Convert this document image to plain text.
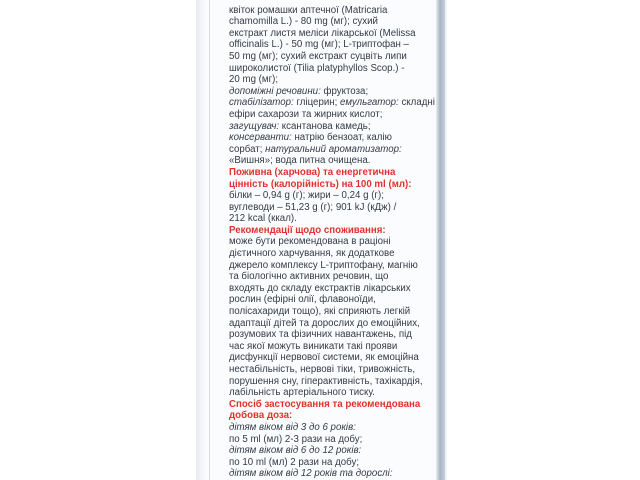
квіток ромашки аптечної (Matricaria

chamomilla L.) - 80 mg (мг); сухий

екстракт листя меліси лікарської (Melissa

officinalis L.) - 50 mg (мг); L-триптофан –

50 mg (мг); сухий екстракт суцвіть липи

широколистої (Tilia platyphyllos Scop.) -

20 mg (мг);

допоміжні речовини: фруктоза;

стабілізатор: гліцерин; емульгатор: складні

ефіри сахарози та жирних кислот;

загущувач: ксантанова камедь;

консерванти: натрію бензоат, калію

сорбат; натуральний ароматизатор:

«Вишня»; вода питна очищена.

Поживна (харчова) та енергетична

цінність (калорійність) на 100 ml (мл):

білки – 0,94 g (г); жири – 0,24 g (г);

вуглеводи – 51,23 g (г); 901 kJ (кДж) /

212 kcal (ккал).

Рекомендації щодо споживання:

може бути рекомендована в раціоні

дієтичного харчування, як додаткове

джерело комплексу L-триптофану, магнію

та біологічно активних речовин, що

входять до складу екстрактів лікарських

рослин (ефірні олії, флавоноїди,

полісахариди тощо), які сприяють легкій

адаптації дітей та дорослих до емоційних,

розумових та фізичних навантажень, під

час якої можуть виникати такі прояви

дисфункції нервової системи, як емоційна

нестабільність, нервові тіки, тривожність,

порушення сну, гіперактивність, тахікардія,

лабільність артеріального тиску.

Спосіб застосування та рекомендована

добова доза:

дітям віком від 3 до 6 років:

по 5 ml (мл) 2-3 рази на добу;

дітям віком від 6 до 12 років:

по 10 ml (мл) 2 рази на добу;

дітям віком від 12 років та дорослі:
